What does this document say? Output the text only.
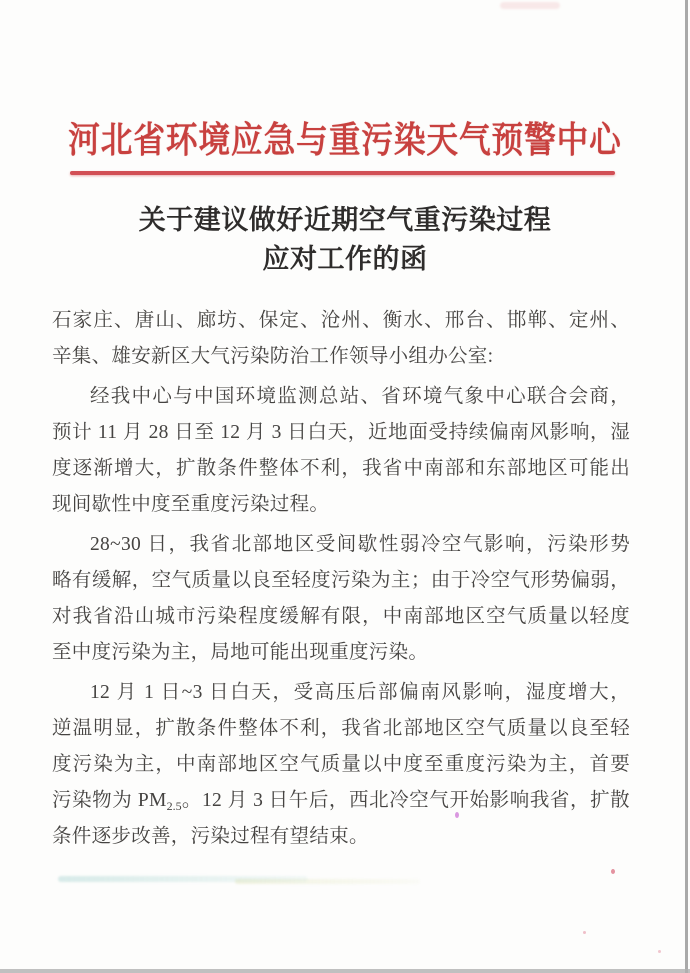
河北省环境应急与重污染天气预警中心
关于建议做好近期空气重污染过程
应对工作的函
石家庄、唐山、廊坊、保定、沧州、衡水、邢台、邯郸、定州、
辛集、雄安新区大气污染防治工作领导小组办公室:
经我中心与中国环境监测总站、省环境气象中心联合会商，
预计 11 月 28 日至 12 月 3 日白天，近地面受持续偏南风影响，湿
度逐渐增大，扩散条件整体不利，我省中南部和东部地区可能出
现间歇性中度至重度污染过程。
28~30 日，我省北部地区受间歇性弱冷空气影响，污染形势
略有缓解，空气质量以良至轻度污染为主；由于冷空气形势偏弱，
对我省沿山城市污染程度缓解有限，中南部地区空气质量以轻度
至中度污染为主，局地可能出现重度污染。
12 月 1 日~3 日白天，受高压后部偏南风影响，湿度增大，
逆温明显，扩散条件整体不利，我省北部地区空气质量以良至轻
度污染为主，中南部地区空气质量以中度至重度污染为主，首要
污染物为 $PM_{2.5}$。12 月 3 日午后，西北冷空气开始影响我省，扩散
条件逐步改善，污染过程有望结束。
